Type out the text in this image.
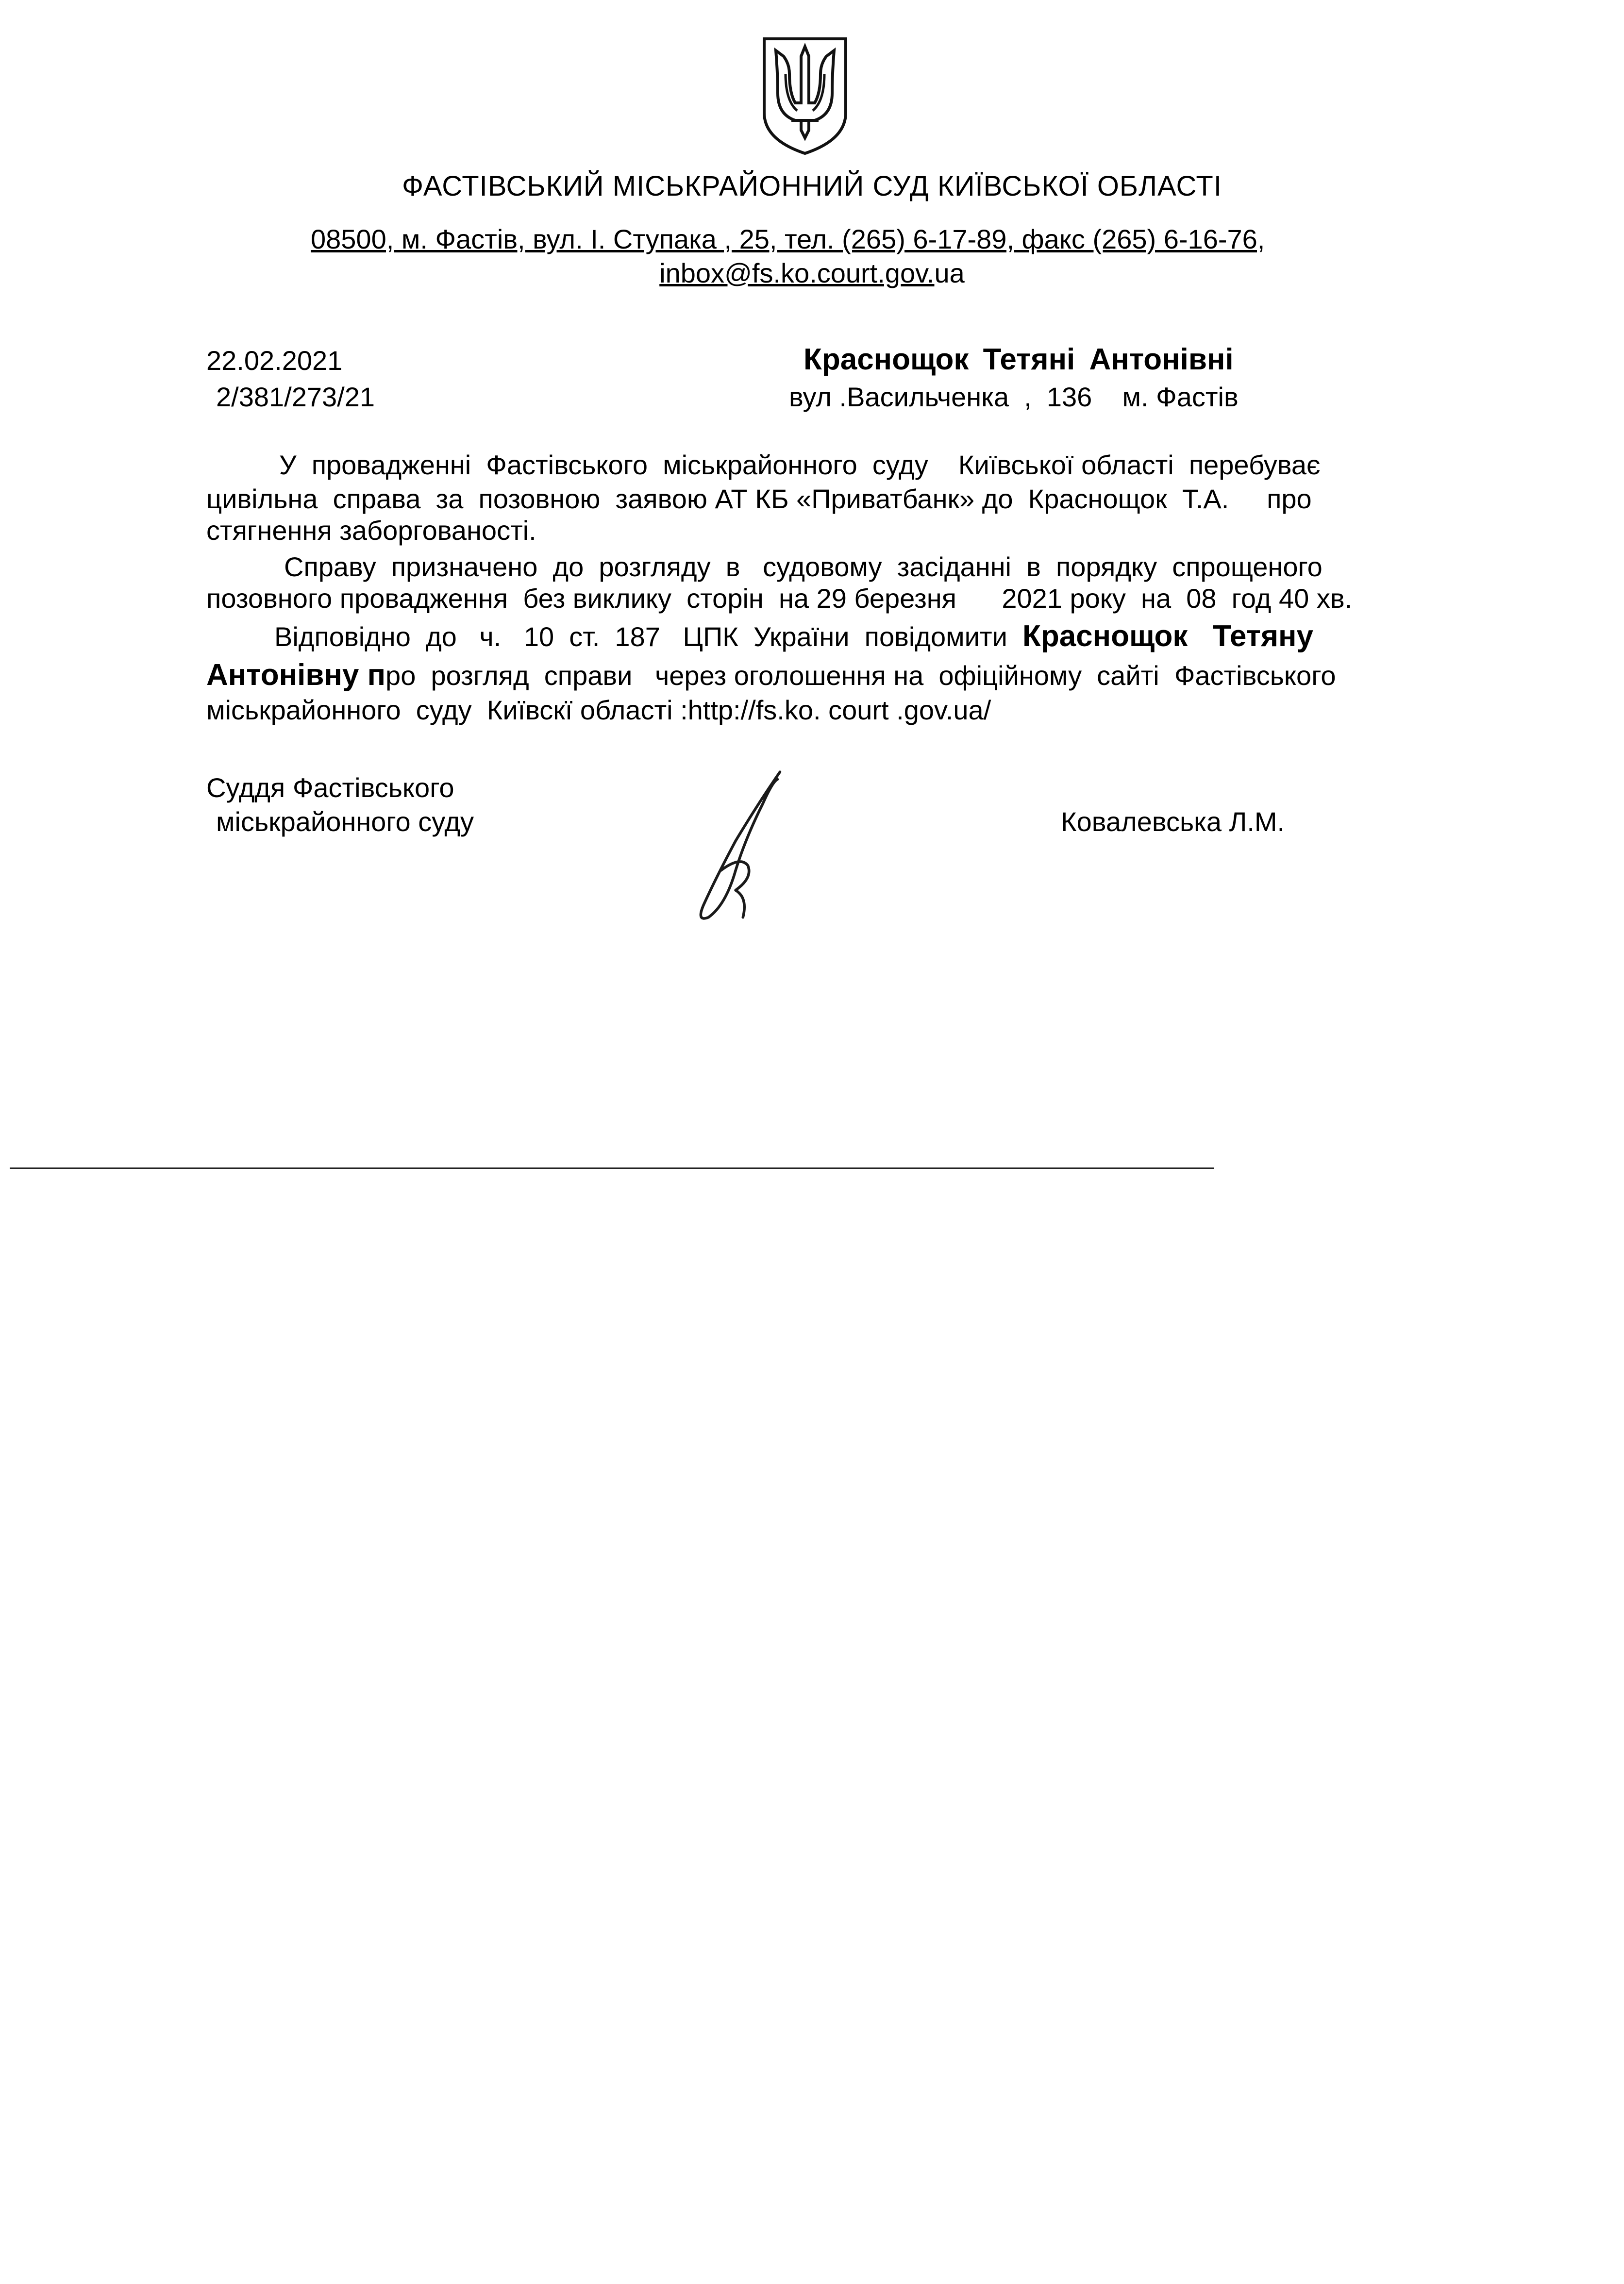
ФАСТІВСЬКИЙ МІСЬКРАЙОННИЙ СУД КИЇВСЬКОЇ ОБЛАСТІ

08500, м. Фастів, вул. І. Ступака , 25, тел. (265) 6-17-89, факс (265) 6-16-76,

inbox@fs.ko.court.gov.ua

22.02.2021

2/381/273/21

Краснощок Тетяні Антонівні

вул .Васильченка  ,  136    м. Фастів

У  провадженні  Фастівського  міськрайонного  суду    Київської області  перебуває

цивільна  справа  за  позовною  заявою АТ КБ «Приватбанк» до  Краснощок  Т.А.     про

стягнення заборгованості.

Справу  призначено  до  розгляду  в   судовому  засіданні  в  порядку  спрощеного

позовного провадження  без виклику  сторін  на 29 березня      2021 року  на  08  год 40 хв.

Відповідно  до   ч.   10  ст.  187   ЦПК  України  повідомити  Краснощок   Тетяну

Антонівну про  розгляд  справи   через оголошення на  офіційному  сайті  Фастівського

міськрайонного  суду  Київскї області :http://fs.ko. court .gov.ua/

Суддя Фастівського

міськрайонного суду	Ковалевська Л.М.
